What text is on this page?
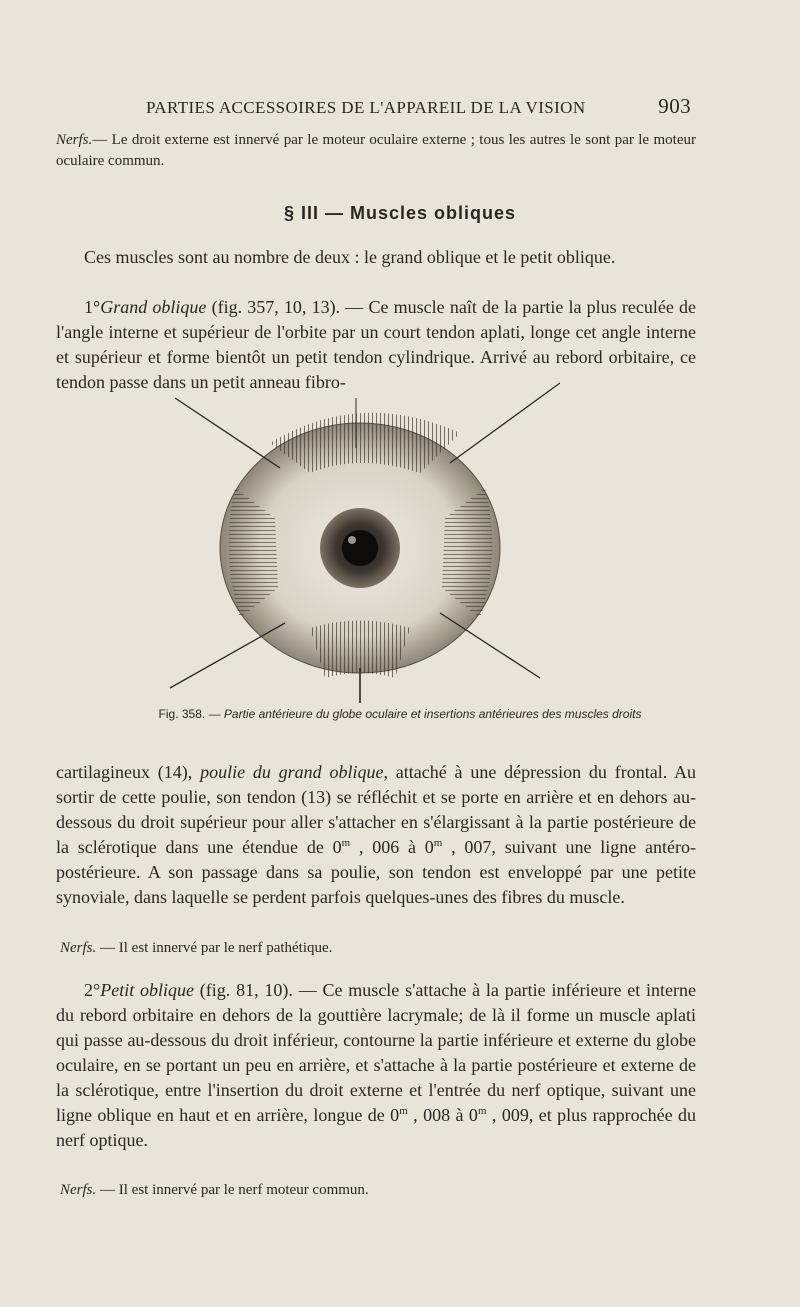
PARTIES ACCESSOIRES DE L'APPAREIL DE LA VISION	903
Nerfs.— Le droit externe est innervé par le moteur oculaire externe ; tous les autres le sont par le moteur oculaire commun.
§ III — Muscles obliques
Ces muscles sont au nombre de deux : le grand oblique et le petit oblique.
1°Grand oblique (fig. 357, 10, 13). — Ce muscle naît de la partie la plus reculée de l'angle interne et supérieur de l'orbite par un court tendon aplati, longe cet angle interne et supérieur et forme bientôt un petit tendon cylindrique. Arrivé au rebord orbitaire, ce tendon passe dans un petit anneau fibro-
Fig. 358. — Partie antérieure du globe oculaire et insertions antérieures des muscles droits
cartilagineux (14), poulie du grand oblique, attaché à une dépression du frontal. Au sortir de cette poulie, son tendon (13) se réfléchit et se porte en arrière et en dehors au-dessous du droit supérieur pour aller s'attacher en s'élargissant à la partie postérieure de la sclérotique dans une étendue de 0$^m$ , 006 à 0$^m$ , 007, suivant une ligne antéro-postérieure. A son passage dans sa poulie, son tendon est enveloppé par une petite synoviale, dans laquelle se perdent parfois quelques-unes des fibres du muscle.
Nerfs. — Il est innervé par le nerf pathétique.
2°Petit oblique (fig. 81, 10). — Ce muscle s'attache à la partie inférieure et interne du rebord orbitaire en dehors de la gouttière lacrymale; de là il forme un muscle aplati qui passe au-dessous du droit inférieur, contourne la partie inférieure et externe du globe oculaire, en se portant un peu en arrière, et s'attache à la partie postérieure et externe de la sclérotique, entre l'insertion du droit externe et l'entrée du nerf optique, suivant une ligne oblique en haut et en arrière, longue de 0$^m$ , 008 à 0$^m$ , 009, et plus rapprochée du nerf optique.
Nerfs. — Il est innervé par le nerf moteur commun.
